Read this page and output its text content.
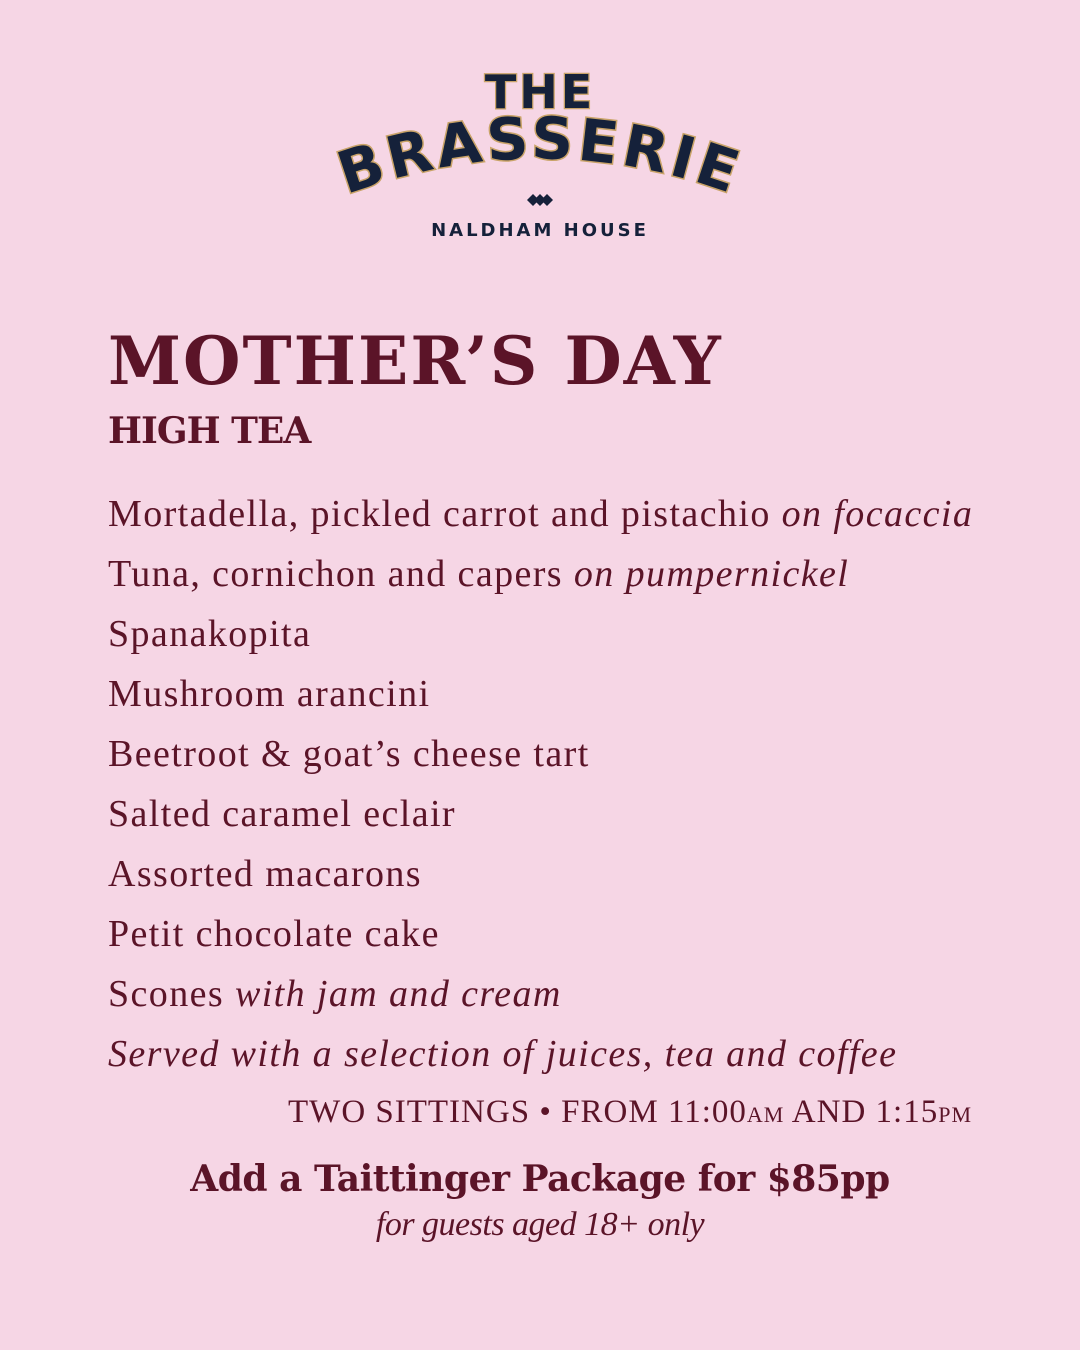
THE
BRASSERIE
NALDHAM HOUSE
MOTHER’S DAY
HIGH TEA
Mortadella, pickled carrot and pistachio on focaccia
Tuna, cornichon and capers on pumpernickel
Spanakopita
Mushroom arancini
Beetroot & goat’s cheese tart
Salted caramel eclair
Assorted macarons
Petit chocolate cake
Scones with jam and cream
Served with a selection of juices, tea and coffee
TWO SITTINGS • FROM 11:00AM AND 1:15PM
Add a Taittinger Package for $85pp
for guests aged 18+ only
